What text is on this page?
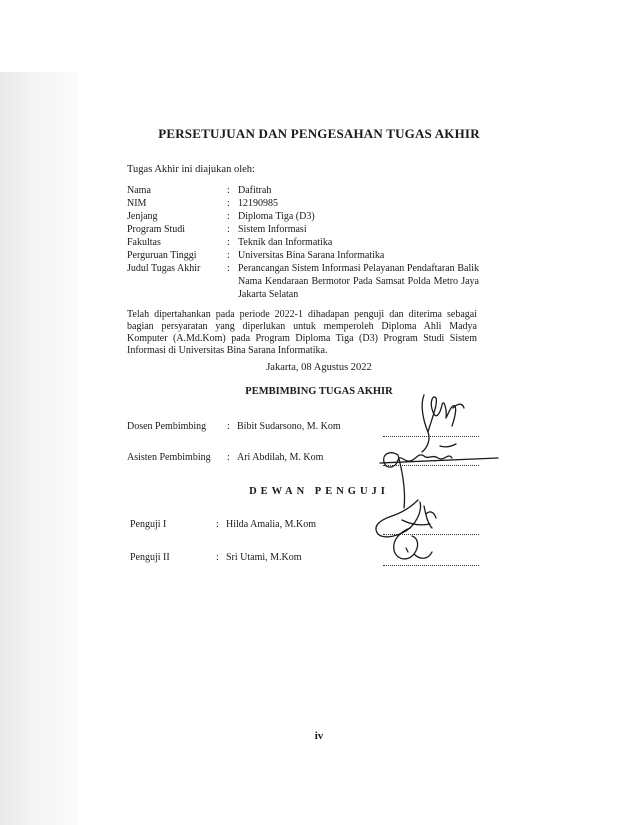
PERSETUJUAN DAN PENGESAHAN TUGAS AKHIR
Tugas Akhir ini diajukan oleh:
Nama	: Dafitrah
NIM	: 12190985
Jenjang	: Diploma Tiga (D3)
Program Studi	: Sistem Informasi
Fakultas	: Teknik dan Informatika
Perguruan Tinggi	: Universitas Bina Sarana Informatika
Judul Tugas Akhir	: Perancangan Sistem Informasi Pelayanan Pendaftaran Balik Nama Kendaraan Bermotor Pada Samsat Polda Metro Jaya Jakarta Selatan
Telah dipertahankan pada periode 2022-1 dihadapan penguji dan diterima sebagai bagian persyaratan yang diperlukan untuk memperoleh Diploma Ahli Madya Komputer (A.Md.Kom) pada Program Diploma Tiga (D3) Program Studi Sistem Informasi di Universitas Bina Sarana Informatika.
Jakarta, 08 Agustus 2022
PEMBIMBING TUGAS AKHIR
Dosen Pembimbing	: Bibit Sudarsono, M. Kom
Asisten Pembimbing	: Ari Abdilah, M. Kom
DEWAN PENGUJI
Penguji I	: Hilda Amalia, M.Kom
Penguji II	: Sri Utami, M.Kom
iv
